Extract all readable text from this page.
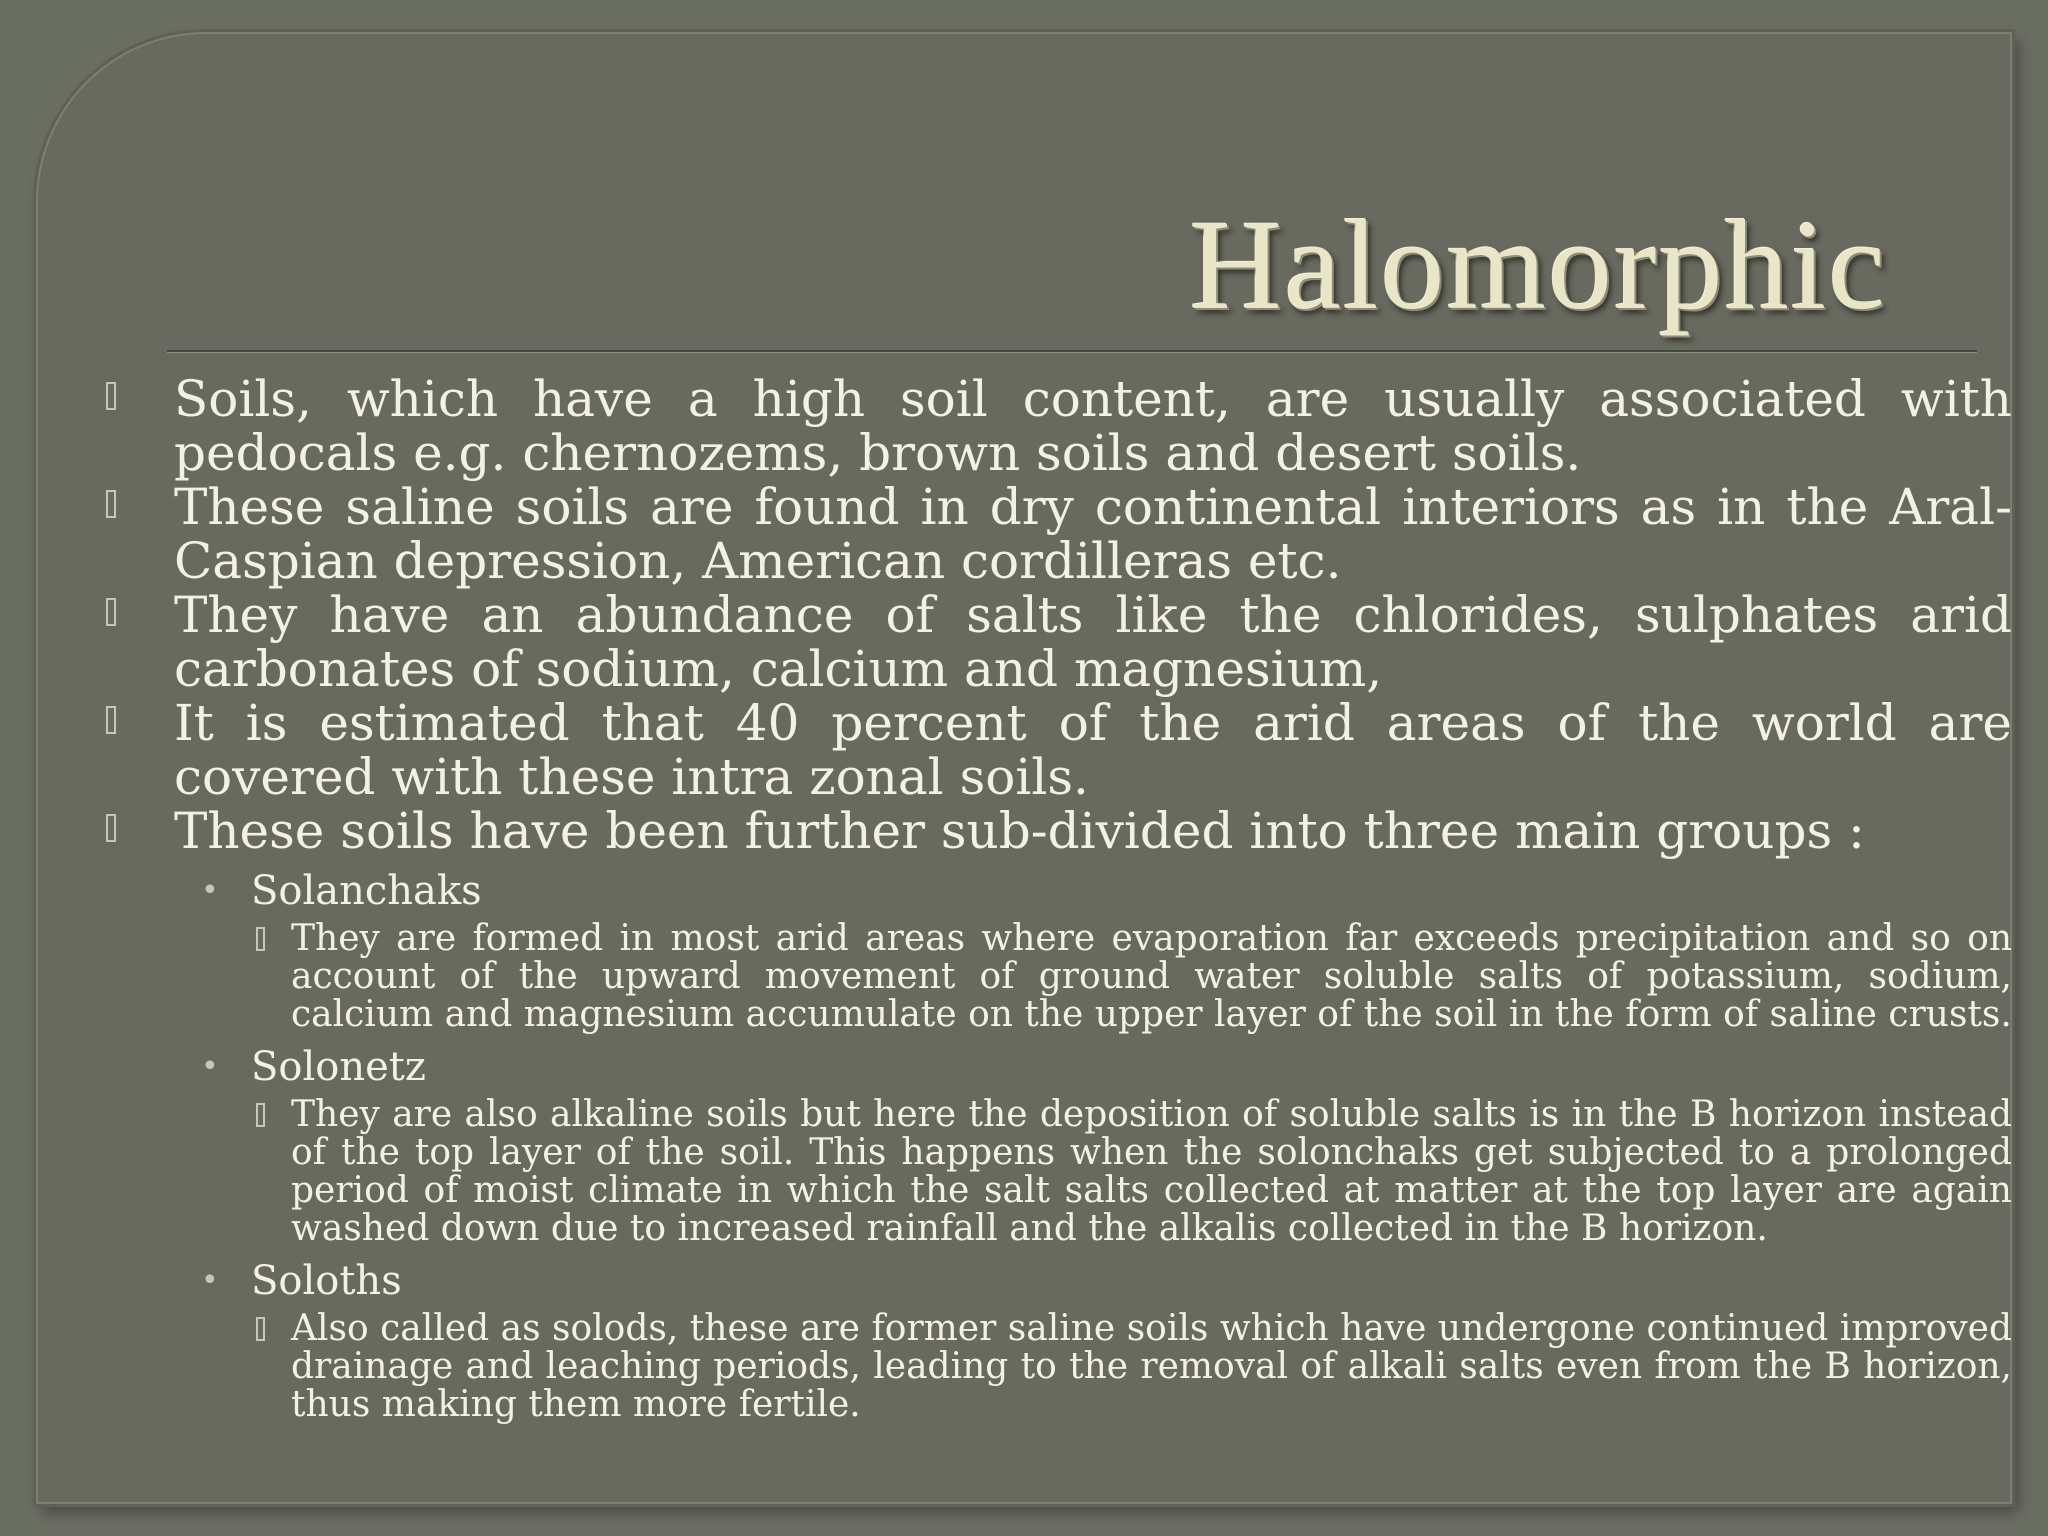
Halomorphic

Soils, which have a high soil content, are usually associated with pedocals e.g. chernozems, brown soils and desert soils.

These saline soils are found in dry continental interiors as in the Aral-Caspian depression, American cordilleras etc.

They have an abundance of salts like the chlorides, sulphates arid carbonates of sodium, calcium and magnesium,

It is estimated that 40 percent of the arid areas of the world are covered with these intra zonal soils.

These soils have been further sub-divided into three main groups :

• Solanchaks

They are formed in most arid areas where evaporation far exceeds precipitation and so on account of the upward movement of ground water soluble salts of potassium, sodium, calcium and magnesium accumulate on the upper layer of the soil in the form of saline crusts.

• Solonetz

They are also alkaline soils but here the deposition of soluble salts is in the B horizon instead of the top layer of the soil. This happens when the solonchaks get subjected to a prolonged period of moist climate in which the salt salts collected at matter at the top layer are again washed down due to increased rainfall and the alkalis collected in the B horizon.

• Soloths

Also called as solods, these are former saline soils which have undergone continued improved drainage and leaching periods, leading to the removal of alkali salts even from the B horizon, thus making them more fertile.
